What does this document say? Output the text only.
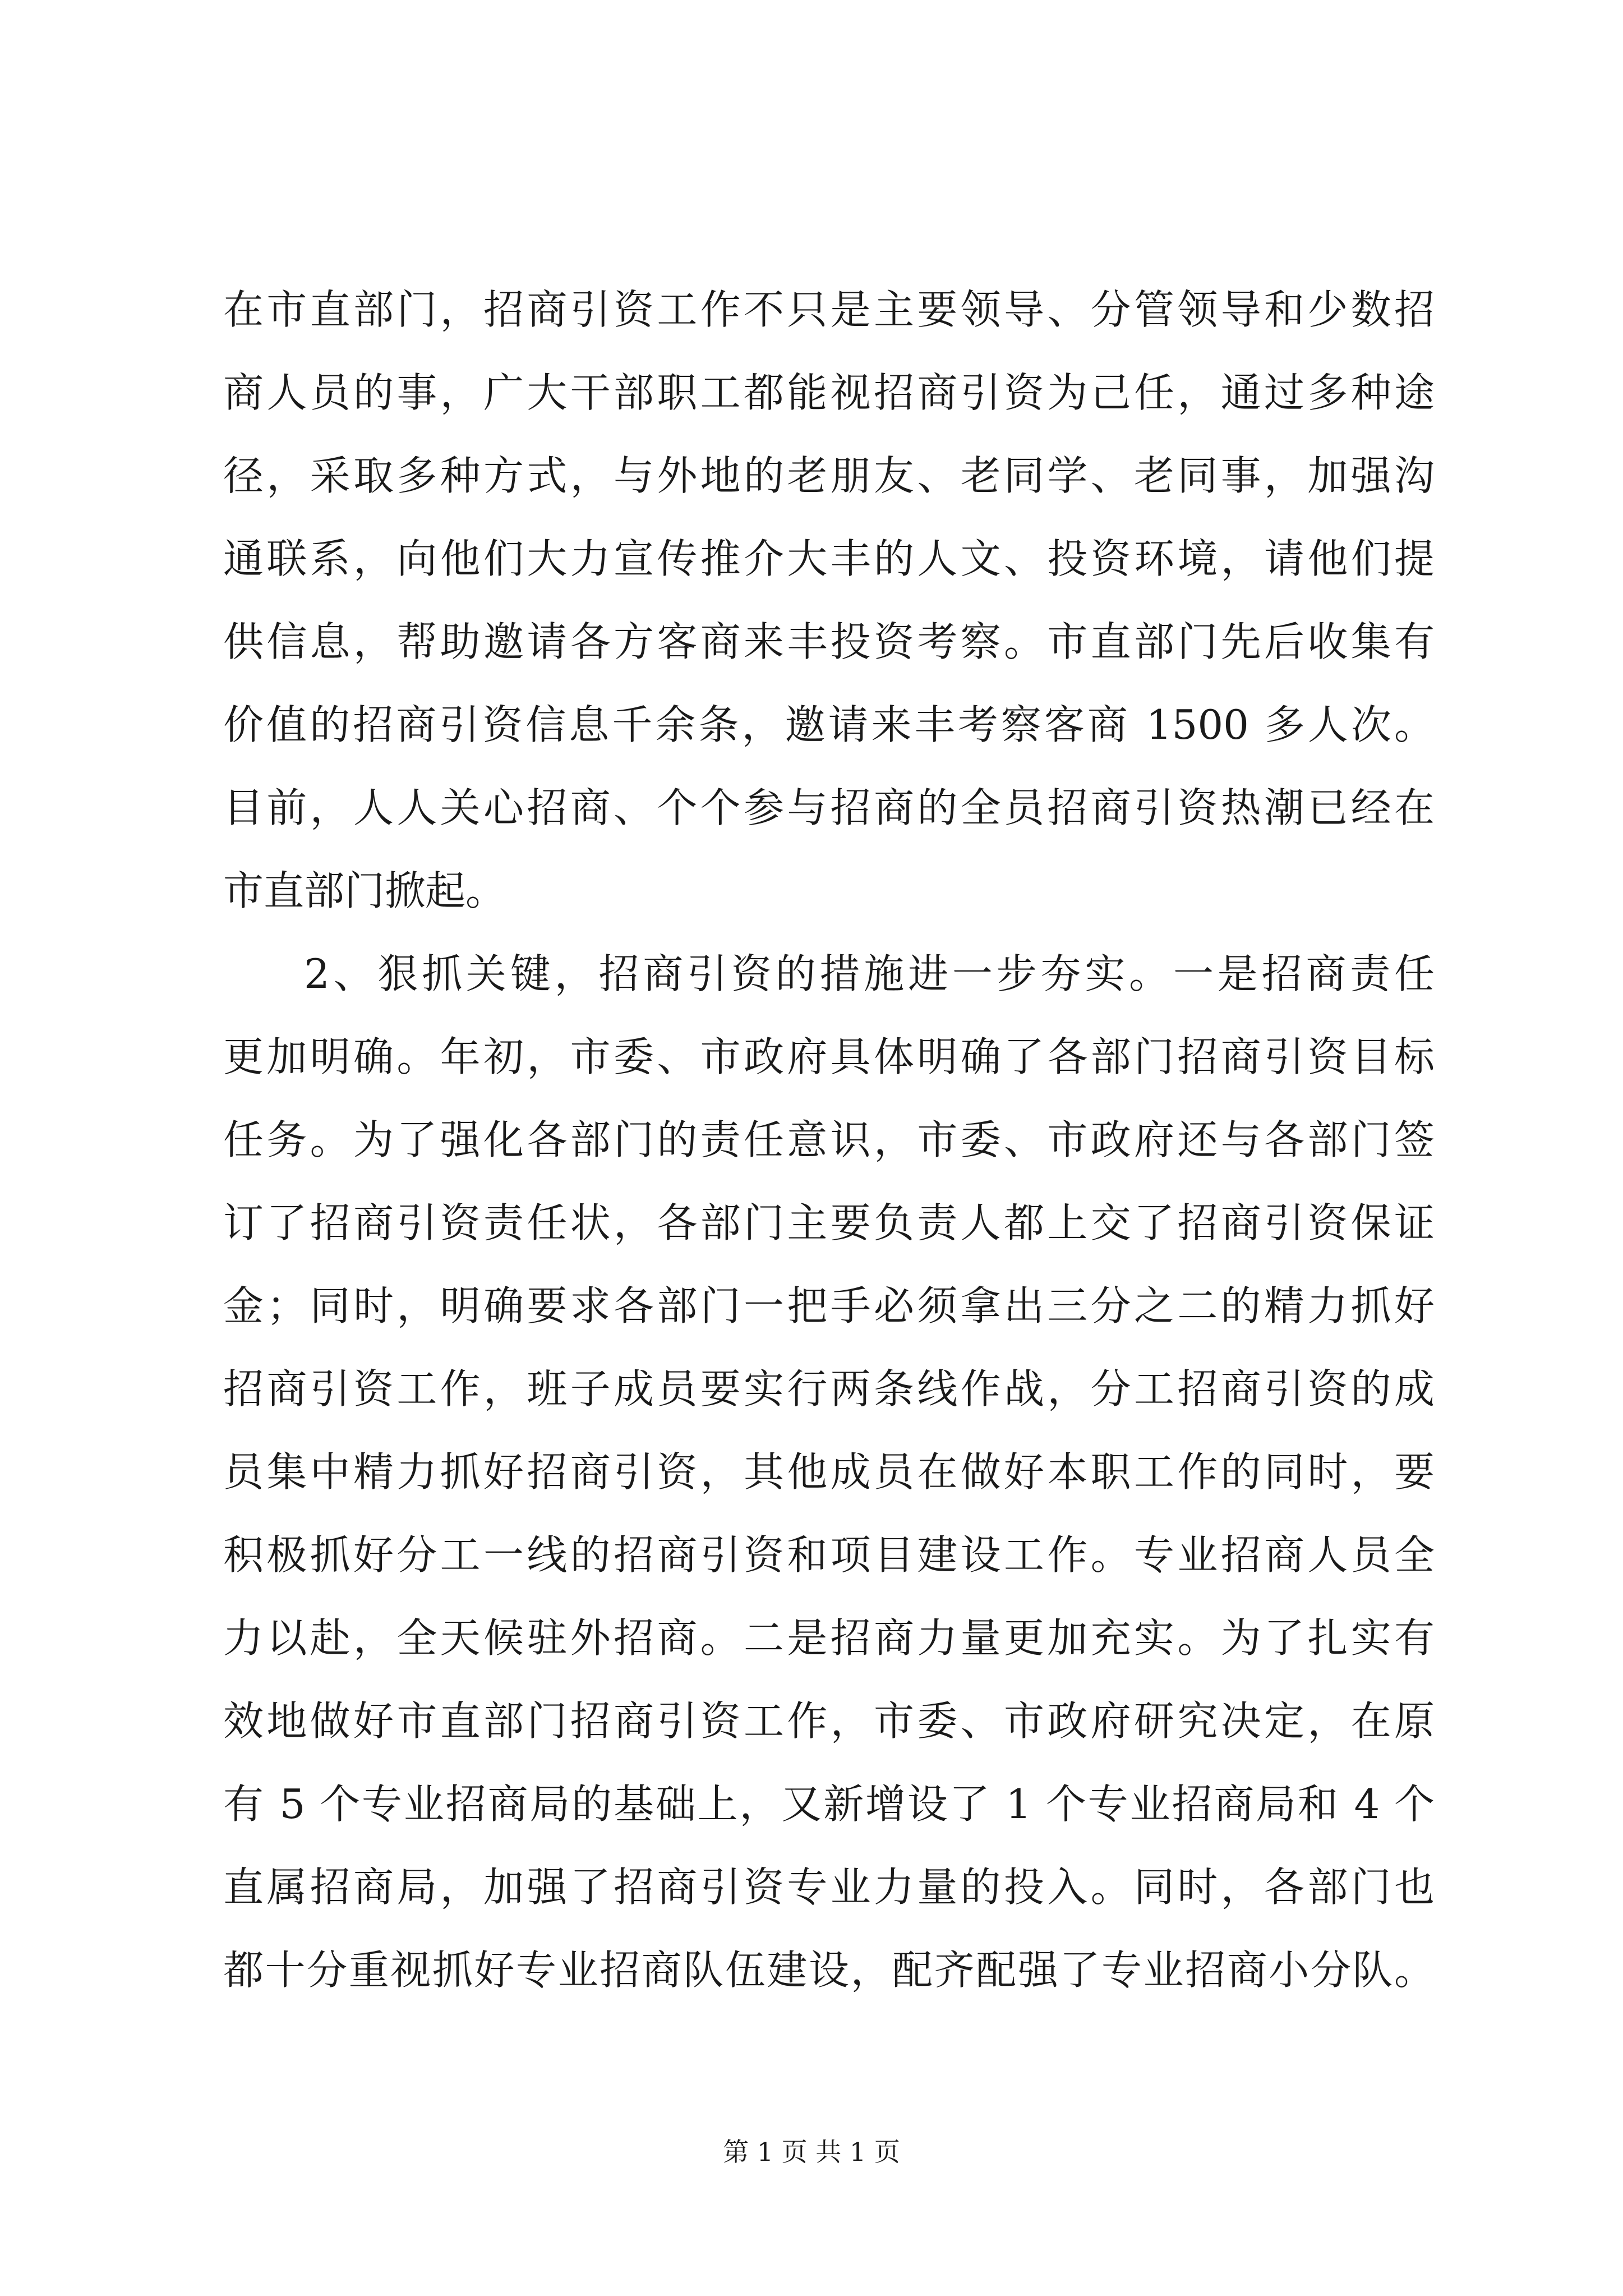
在市直部门，招商引资工作不只是主要领导、分管领导和少数招
商人员的事，广大干部职工都能视招商引资为己任，通过多种途
径，采取多种方式，与外地的老朋友、老同学、老同事，加强沟
通联系，向他们大力宣传推介大丰的人文、投资环境，请他们提
供信息，帮助邀请各方客商来丰投资考察。市直部门先后收集有
价值的招商引资信息千余条，邀请来丰考察客商 1500 多人次。
目前，人人关心招商、个个参与招商的全员招商引资热潮已经在
市直部门掀起。
2、狠抓关键，招商引资的措施进一步夯实。一是招商责任
更加明确。年初，市委、市政府具体明确了各部门招商引资目标
任务。为了强化各部门的责任意识，市委、市政府还与各部门签
订了招商引资责任状，各部门主要负责人都上交了招商引资保证
金；同时，明确要求各部门一把手必须拿出三分之二的精力抓好
招商引资工作，班子成员要实行两条线作战，分工招商引资的成
员集中精力抓好招商引资，其他成员在做好本职工作的同时，要
积极抓好分工一线的招商引资和项目建设工作。专业招商人员全
力以赴，全天候驻外招商。二是招商力量更加充实。为了扎实有
效地做好市直部门招商引资工作，市委、市政府研究决定，在原
有 5 个专业招商局的基础上，又新增设了 1 个专业招商局和 4 个
直属招商局，加强了招商引资专业力量的投入。同时，各部门也
都十分重视抓好专业招商队伍建设，配齐配强了专业招商小分队。
第 1 页 共 1 页
